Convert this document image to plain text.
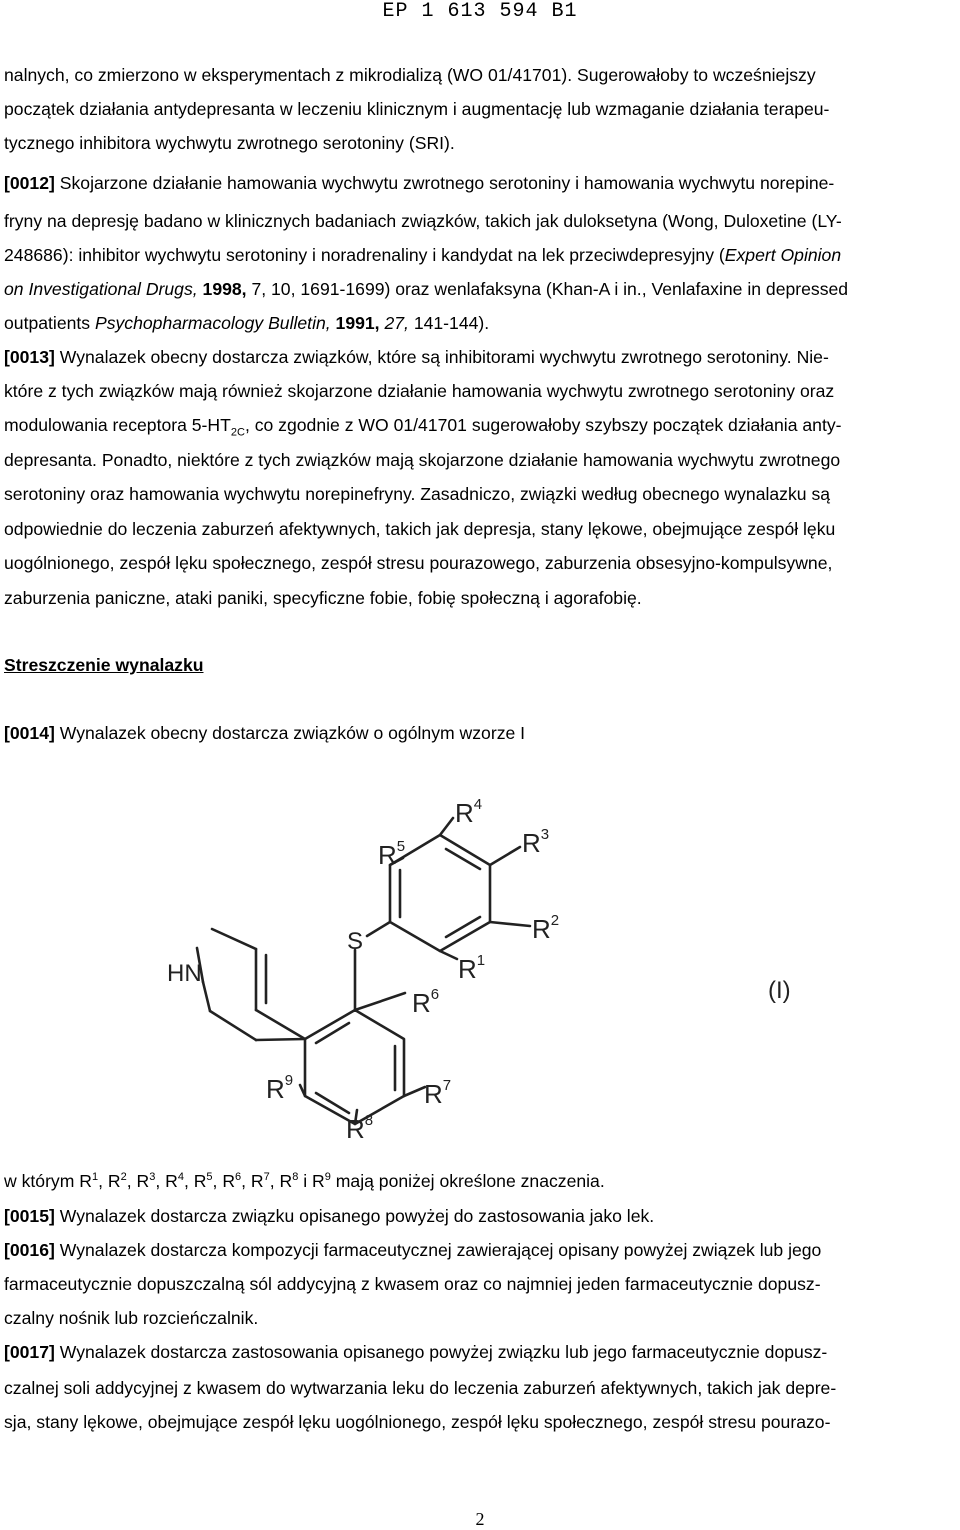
EP 1 613 594 B1
nalnych, co zmierzono w eksperymentach z mikrodializą (WO 01/41701). Sugerowałoby to wcześniejszy
początek działania antydepresanta w leczeniu klinicznym i augmentację lub wzmaganie działania terapeu-
tycznego inhibitora wychwytu zwrotnego serotoniny (SRI).
[0012] Skojarzone działanie hamowania wychwytu zwrotnego serotoniny i hamowania wychwytu norepine-
fryny na depresję badano w klinicznych badaniach związków, takich jak duloksetyna (Wong, Duloxetine (LY-
248686): inhibitor wychwytu serotoniny i noradrenaliny i kandydat na lek przeciwdepresyjny (Expert Opinion
on Investigational Drugs, 1998, 7, 10, 1691-1699) oraz wenlafaksyna (Khan-A i in., Venlafaxine in depressed
outpatients Psychopharmacology Bulletin, 1991, 27, 141-144).
[0013] Wynalazek obecny dostarcza związków, które są inhibitorami wychwytu zwrotnego serotoniny. Nie-
które z tych związków mają również skojarzone działanie hamowania wychwytu zwrotnego serotoniny oraz
modulowania receptora $5-HT_{2C}$, co zgodnie z WO 01/41701 sugerowałoby szybszy początek działania anty-
depresanta. Ponadto, niektóre z tych związków mają skojarzone działanie hamowania wychwytu zwrotnego
serotoniny oraz hamowania wychwytu norepinefryny. Zasadniczo, związki według obecnego wynalazku są
odpowiednie do leczenia zaburzeń afektywnych, takich jak depresja, stany lękowe, obejmujące zespół lęku
uogólnionego, zespół lęku społecznego, zespół stresu pourazowego, zaburzenia obsesyjno-kompulsywne,
zaburzenia paniczne, ataki paniki, specyficzne fobie, fobię społeczną i agorafobię.
Streszczenie wynalazku
[0014] Wynalazek obecny dostarcza związków o ogólnym wzorze I
HN
S
$R^4$
$R^3$
$R^5$
$R^2$
$R^1$
$R^6$
$R^7$
$R^9$
$R^8$
(I)
w którym $R^1$, $R^2$, $R^3$, $R^4$, $R^5$, $R^6$, $R^7$, $R^8$ i $R^9$ mają poniżej określone znaczenia.
[0015] Wynalazek dostarcza związku opisanego powyżej do zastosowania jako lek.
[0016] Wynalazek dostarcza kompozycji farmaceutycznej zawierającej opisany powyżej związek lub jego
farmaceutycznie dopuszczalną sól addycyjną z kwasem oraz co najmniej jeden farmaceutycznie dopusz-
czalny nośnik lub rozcieńczalnik.
[0017] Wynalazek dostarcza zastosowania opisanego powyżej związku lub jego farmaceutycznie dopusz-
czalnej soli addycyjnej z kwasem do wytwarzania leku do leczenia zaburzeń afektywnych, takich jak depre-
sja, stany lękowe, obejmujące zespół lęku uogólnionego, zespół lęku społecznego, zespół stresu pourazo-
2
